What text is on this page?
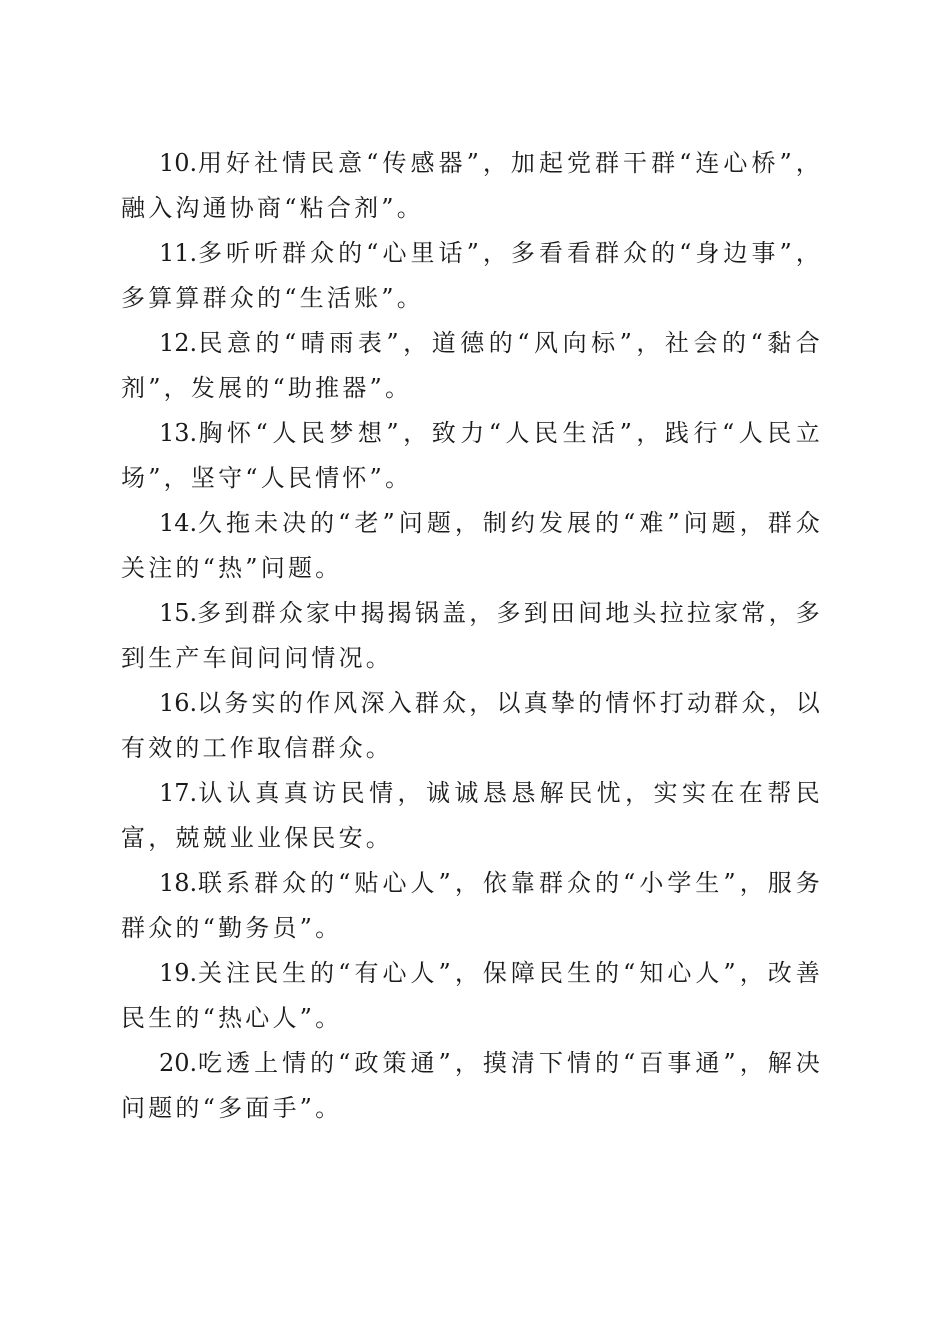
10.用好社情民意“传感器”，加起党群干群“连心桥”，融入沟通协商“粘合剂”。

11.多听听群众的“心里话”，多看看群众的“身边事”，多算算群众的“生活账”。

12.民意的“晴雨表”，道德的“风向标”，社会的“黏合剂”，发展的“助推器”。

13.胸怀“人民梦想”，致力“人民生活”，践行“人民立场”，坚守“人民情怀”。

14.久拖未决的“老”问题，制约发展的“难”问题，群众关注的“热”问题。

15.多到群众家中揭揭锅盖，多到田间地头拉拉家常，多到生产车间问问情况。

16.以务实的作风深入群众，以真挚的情怀打动群众，以有效的工作取信群众。

17.认认真真访民情，诚诚恳恳解民忧，实实在在帮民富，兢兢业业保民安。

18.联系群众的“贴心人”，依靠群众的“小学生”，服务群众的“勤务员”。

19.关注民生的“有心人”，保障民生的“知心人”，改善民生的“热心人”。

20.吃透上情的“政策通”，摸清下情的“百事通”，解决问题的“多面手”。
